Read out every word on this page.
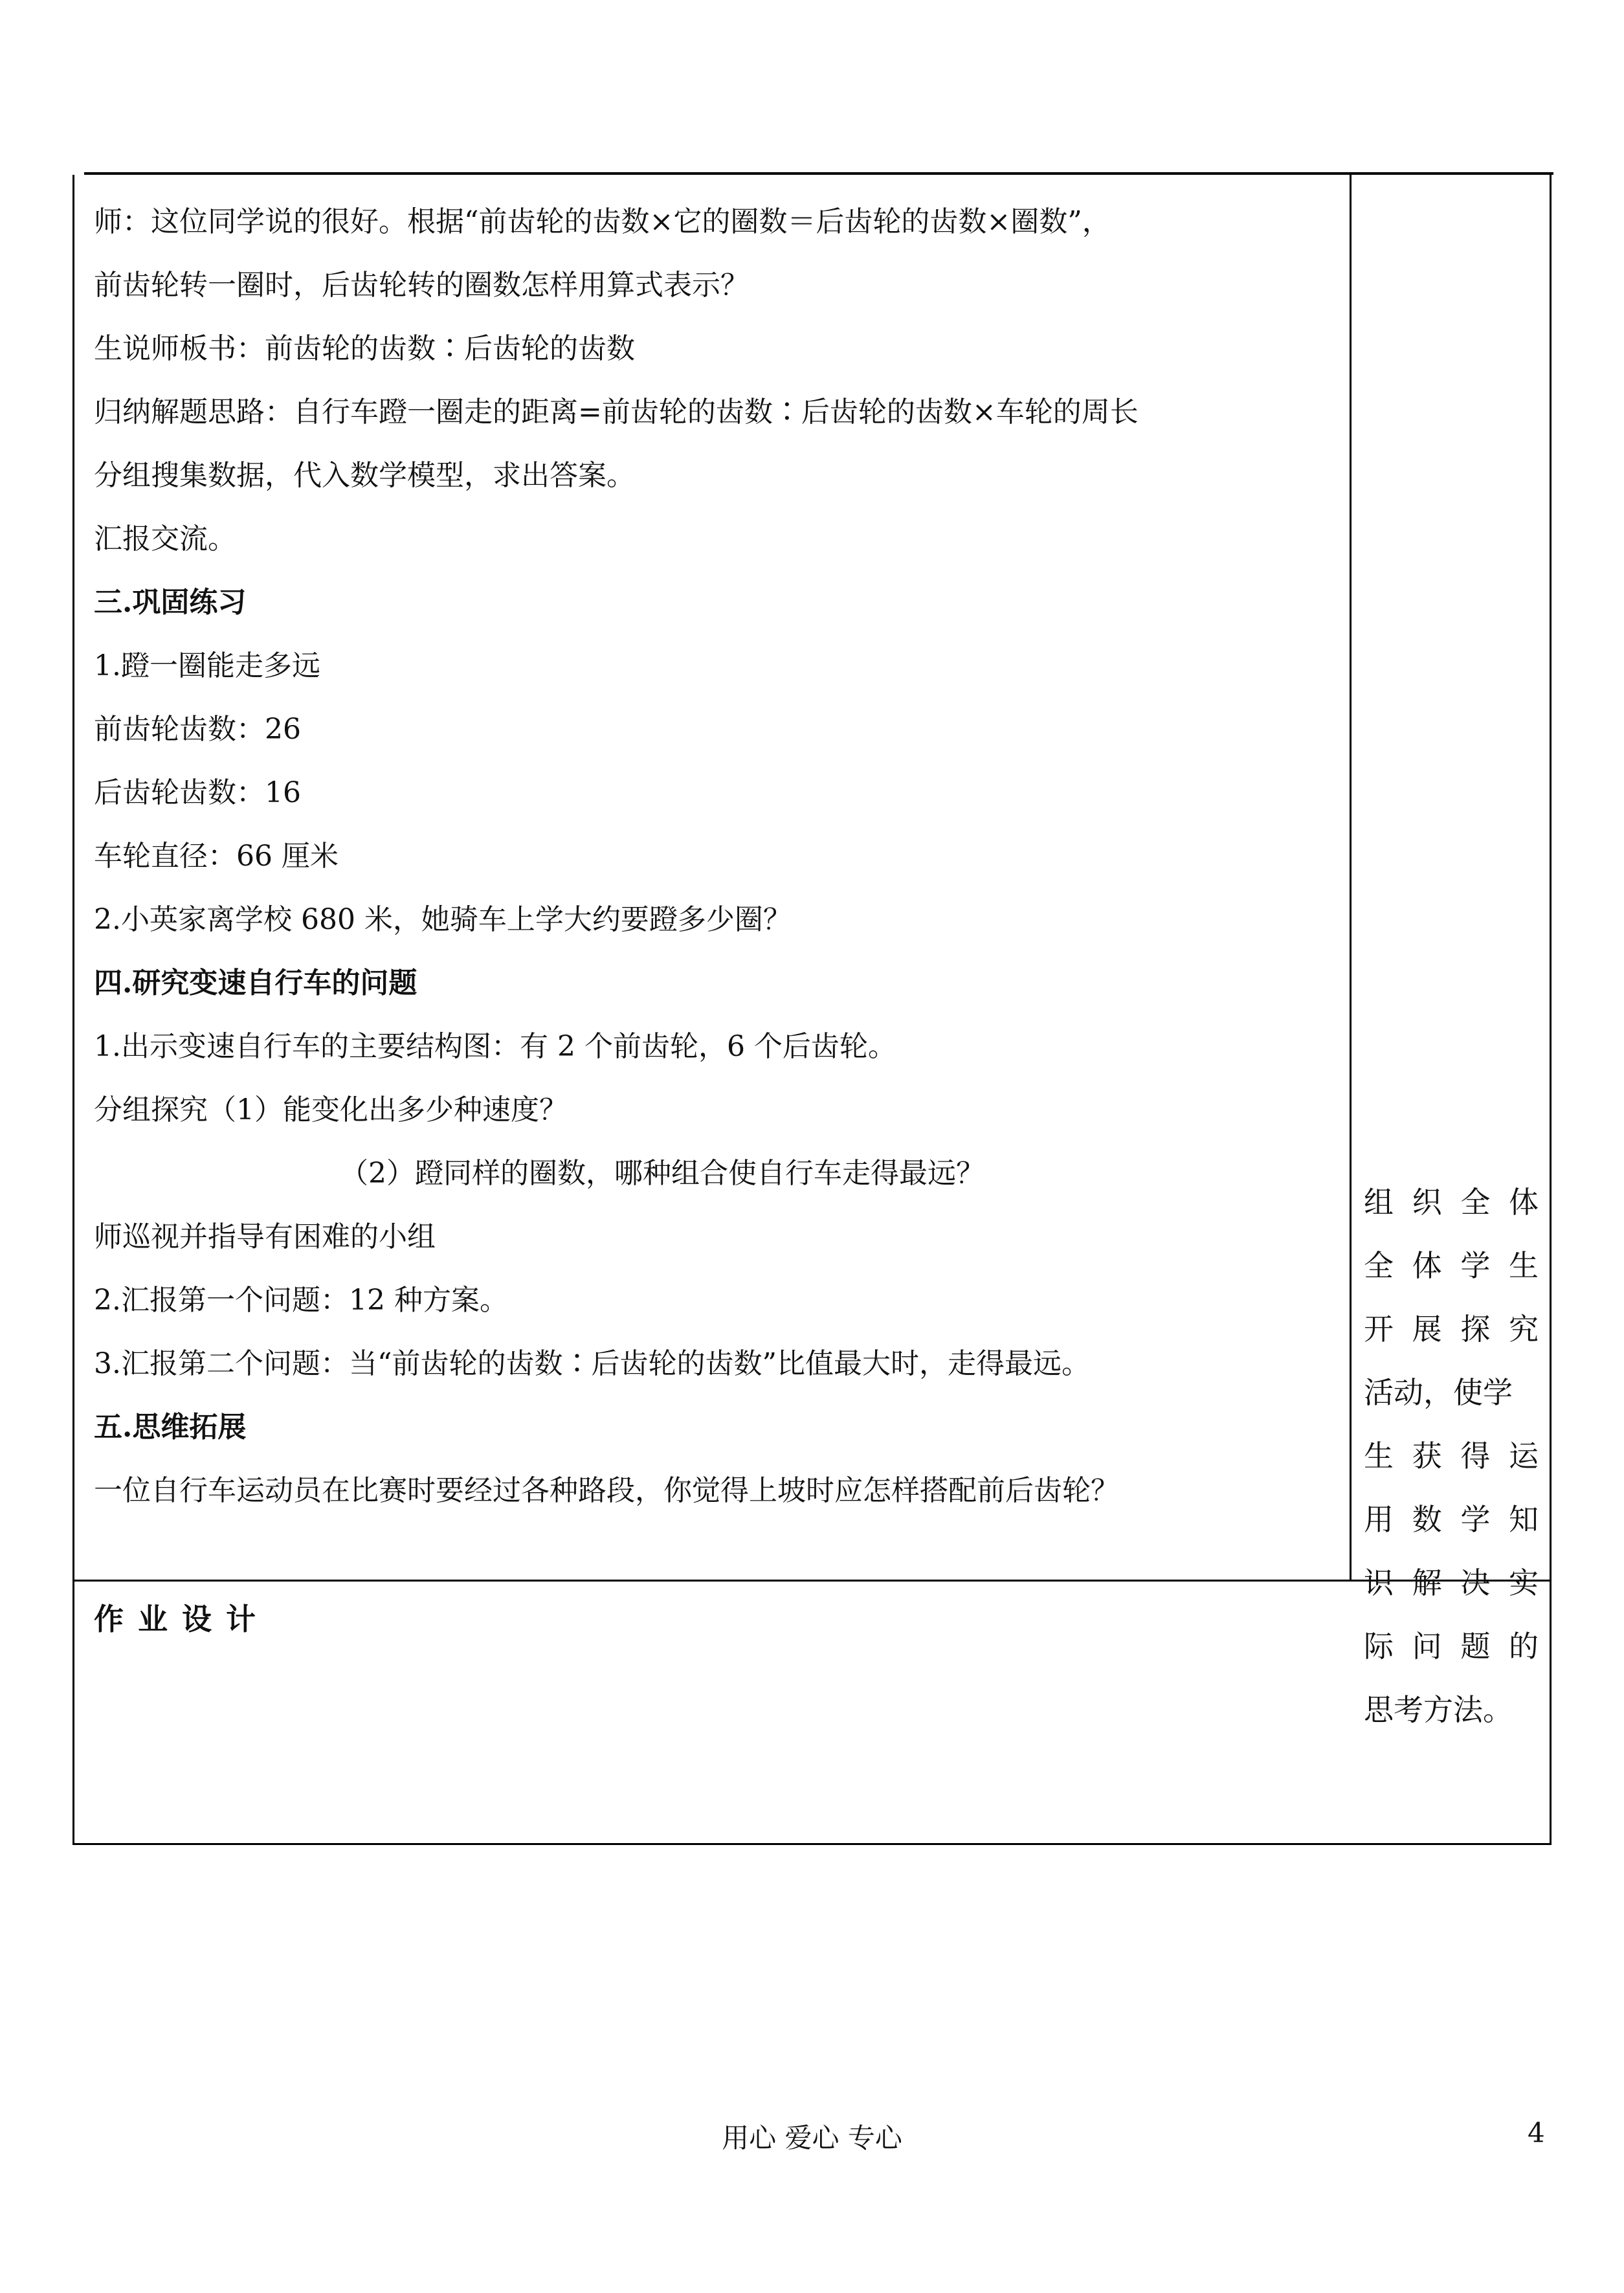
师：这位同学说的很好。根据“前齿轮的齿数×它的圈数＝后齿轮的齿数×圈数”，
前齿轮转一圈时，后齿轮转的圈数怎样用算式表示？
生说师板书：前齿轮的齿数∶后齿轮的齿数
归纳解题思路：自行车蹬一圈走的距离=前齿轮的齿数∶后齿轮的齿数×车轮的周长
分组搜集数据，代入数学模型，求出答案。
汇报交流。
三.巩固练习
1.蹬一圈能走多远
前齿轮齿数：26
后齿轮齿数：16
车轮直径：66 厘米
2.小英家离学校 680 米，她骑车上学大约要蹬多少圈？
四.研究变速自行车的问题
1.出示变速自行车的主要结构图：有 2 个前齿轮，6 个后齿轮。
分组探究（1）能变化出多少种速度？
（2）蹬同样的圈数，哪种组合使自行车走得最远？
师巡视并指导有困难的小组
2.汇报第一个问题：12 种方案。
3.汇报第二个问题：当“前齿轮的齿数∶后齿轮的齿数”比值最大时，走得最远。
五.思维拓展
一位自行车运动员在比赛时要经过各种路段，你觉得上坡时应怎样搭配前后齿轮？
组织全体
全体学生
开展探究
活动，使学
生获得运
用数学知
识解决实
际问题的
思考方法。
作业设计
用心 爱心 专心	4
